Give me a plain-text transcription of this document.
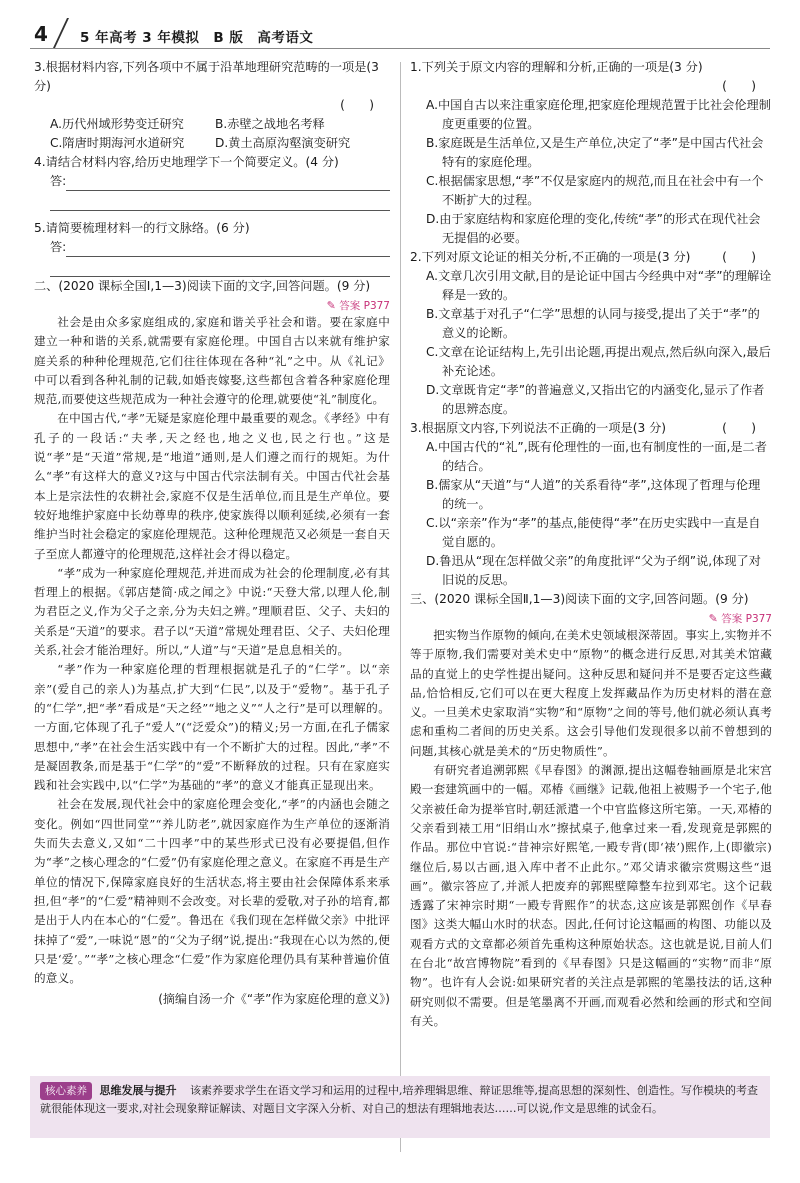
4 5 年高考 3 年模拟　B 版　高考语文

3.根据材料内容,下列各项中不属于沿革地理研究范畴的一项是(3 分)

(　　)
A.历代州域形势变迁研究	B.赤壁之战地名考释
C.隋唐时期海河水道研究	D.黄土高原沟壑演变研究

4.请结合材料内容,给历史地理学下一个简要定义。(4 分)

答:

5.请简要梳理材料一的行文脉络。(6 分)

答:

二、(2020 课标全国Ⅰ,1—3)阅读下面的文字,回答问题。(9 分)

✎ 答案 P377

社会是由众多家庭组成的,家庭和谐关乎社会和谐。要在家庭中建立一种和谐的关系,就需要有家庭伦理。中国自古以来就有维护家庭关系的种种伦理规范,它们往往体现在各种“礼”之中。从《礼记》中可以看到各种礼制的记载,如婚丧嫁娶,这些都包含着各种家庭伦理规范,而要使这些规范成为一种社会遵守的伦理,就要使“礼”制度化。

在中国古代,“孝”无疑是家庭伦理中最重要的观念。《孝经》中有孔子的一段话:“夫孝,天之经也,地之义也,民之行也。”这是说“孝”是“天道”常规,是“地道”通则,是人们遵之而行的规矩。为什么“孝”有这样大的意义?这与中国古代宗法制有关。中国古代社会基本上是宗法性的农耕社会,家庭不仅是生活单位,而且是生产单位。要较好地维护家庭中长幼尊卑的秩序,使家族得以顺利延续,必须有一套维护当时社会稳定的家庭伦理规范。这种伦理规范又必须是一套自天子至庶人都遵守的伦理规范,这样社会才得以稳定。

“孝”成为一种家庭伦理规范,并进而成为社会的伦理制度,必有其哲理上的根据。《郭店楚简·成之闻之》中说:“天登大常,以理人伦,制为君臣之义,作为父子之亲,分为夫妇之辨。”理顺君臣、父子、夫妇的关系是“天道”的要求。君子以“天道”常规处理君臣、父子、夫妇伦理关系,社会才能治理好。所以,“人道”与“天道”是息息相关的。

“孝”作为一种家庭伦理的哲理根据就是孔子的“仁学”。以“亲亲”(爱自己的亲人)为基点,扩大到“仁民”,以及于“爱物”。基于孔子的“仁学”,把“孝”看成是“天之经”“地之义”“人之行”是可以理解的。一方面,它体现了孔子“爱人”(“泛爱众”)的精义;另一方面,在孔子儒家思想中,“孝”在社会生活实践中有一个不断扩大的过程。因此,“孝”不是凝固教条,而是基于“仁学”的“爱”不断释放的过程。只有在家庭实践和社会实践中,以“仁学”为基础的“孝”的意义才能真正显现出来。

社会在发展,现代社会中的家庭伦理会变化,“孝”的内涵也会随之变化。例如“四世同堂”“养儿防老”,就因家庭作为生产单位的逐渐消失而失去意义,又如“二十四孝”中的某些形式已没有必要提倡,但作为“孝”之核心理念的“仁爱”仍有家庭伦理之意义。在家庭不再是生产单位的情况下,保障家庭良好的生活状态,将主要由社会保障体系来承担,但“孝”的“仁爱”精神则不会改变。对长辈的爱敬,对子孙的培育,都是出于人内在本心的“仁爱”。鲁迅在《我们现在怎样做父亲》中批评抹掉了“爱”,一味说“恩”的“父为子纲”说,提出:“我现在心以为然的,便只是‘爱’。”“孝”之核心理念“仁爱”作为家庭伦理仍具有某种普遍价值的意义。

(摘编自汤一介《“孝”作为家庭伦理的意义》)

1.下列关于原文内容的理解和分析,正确的一项是(3 分)

(　　)
A.中国自古以来注重家庭伦理,把家庭伦理规范置于比社会伦理制度更重要的位置。
B.家庭既是生活单位,又是生产单位,决定了“孝”是中国古代社会特有的家庭伦理。
C.根据儒家思想,“孝”不仅是家庭内的规范,而且在社会中有一个不断扩大的过程。
D.由于家庭结构和家庭伦理的变化,传统“孝”的形式在现代社会无提倡的必要。
2.下列对原文论证的相关分析,不正确的一项是(3 分)	(　　)
A.文章几次引用文献,目的是论证中国古今经典中对“孝”的理解诠释是一致的。
B.文章基于对孔子“仁学”思想的认同与接受,提出了关于“孝”的意义的论断。
C.文章在论证结构上,先引出论题,再提出观点,然后纵向深入,最后补充论述。
D.文章既肯定“孝”的普遍意义,又指出它的内涵变化,显示了作者的思辨态度。
3.根据原文内容,下列说法不正确的一项是(3 分)	(　　)
A.中国古代的“礼”,既有伦理性的一面,也有制度性的一面,是二者的结合。
B.儒家从“天道”与“人道”的关系看待“孝”,这体现了哲理与伦理的统一。
C.以“亲亲”作为“孝”的基点,能使得“孝”在历史实践中一直是自觉自愿的。
D.鲁迅从“现在怎样做父亲”的角度批评“父为子纲”说,体现了对旧说的反思。

三、(2020 课标全国Ⅱ,1—3)阅读下面的文字,回答问题。(9 分)

✎ 答案 P377

把实物当作原物的倾向,在美术史领域根深蒂固。事实上,实物并不等于原物,我们需要对美术史中“原物”的概念进行反思,对其美术馆藏品的直觉上的史学性提出疑问。这种反思和疑问并不是要否定这些藏品,恰恰相反,它们可以在更大程度上发挥藏品作为历史材料的潜在意义。一旦美术史家取消“实物”和“原物”之间的等号,他们就必须认真考虑和重构二者间的历史关系。这会引导他们发现很多以前不曾想到的问题,其核心就是美术的“历史物质性”。

有研究者追溯郭熙《早春图》的渊源,提出这幅卷轴画原是北宋宫殿一套建筑画中的一幅。邓椿《画继》记载,他祖上被赐予一个宅子,他父亲被任命为提举官时,朝廷派遣一个中官监修这所宅第。一天,邓椿的父亲看到裱工用“旧绢山水”擦拭桌子,他拿过来一看,发现竟是郭熙的作品。那位中官说:“昔神宗好熙笔,一殿专背(即‘裱’)熙作,上(即徽宗)继位后,易以古画,退入库中者不止此尔。”邓父请求徽宗赏赐这些“退画”。徽宗答应了,并派人把废弃的郭熙壁障整车拉到邓宅。这个记载透露了宋神宗时期“一殿专背熙作”的状态,这应该是郭熙创作《早春图》这类大幅山水时的状态。因此,任何讨论这幅画的构图、功能以及观看方式的文章都必须首先重构这种原始状态。这也就是说,目前人们在台北“故宫博物院”看到的《早春图》只是这幅画的“实物”而非“原物”。也许有人会说:如果研究者的关注点是郭熙的笔墨技法的话,这种研究则似不需要。但是笔墨离不开画,而观看必然和绘画的形式和空间有关。

核心素养 思维发展与提升 该素养要求学生在语文学习和运用的过程中,培养理辑思维、辩证思维等,提高思想的深刻性、创造性。写作模块的考查就很能体现这一要求,对社会现象辩证解读、对题目文字深入分析、对自己的想法有理辑地表达……可以说,作文是思维的试金石。
